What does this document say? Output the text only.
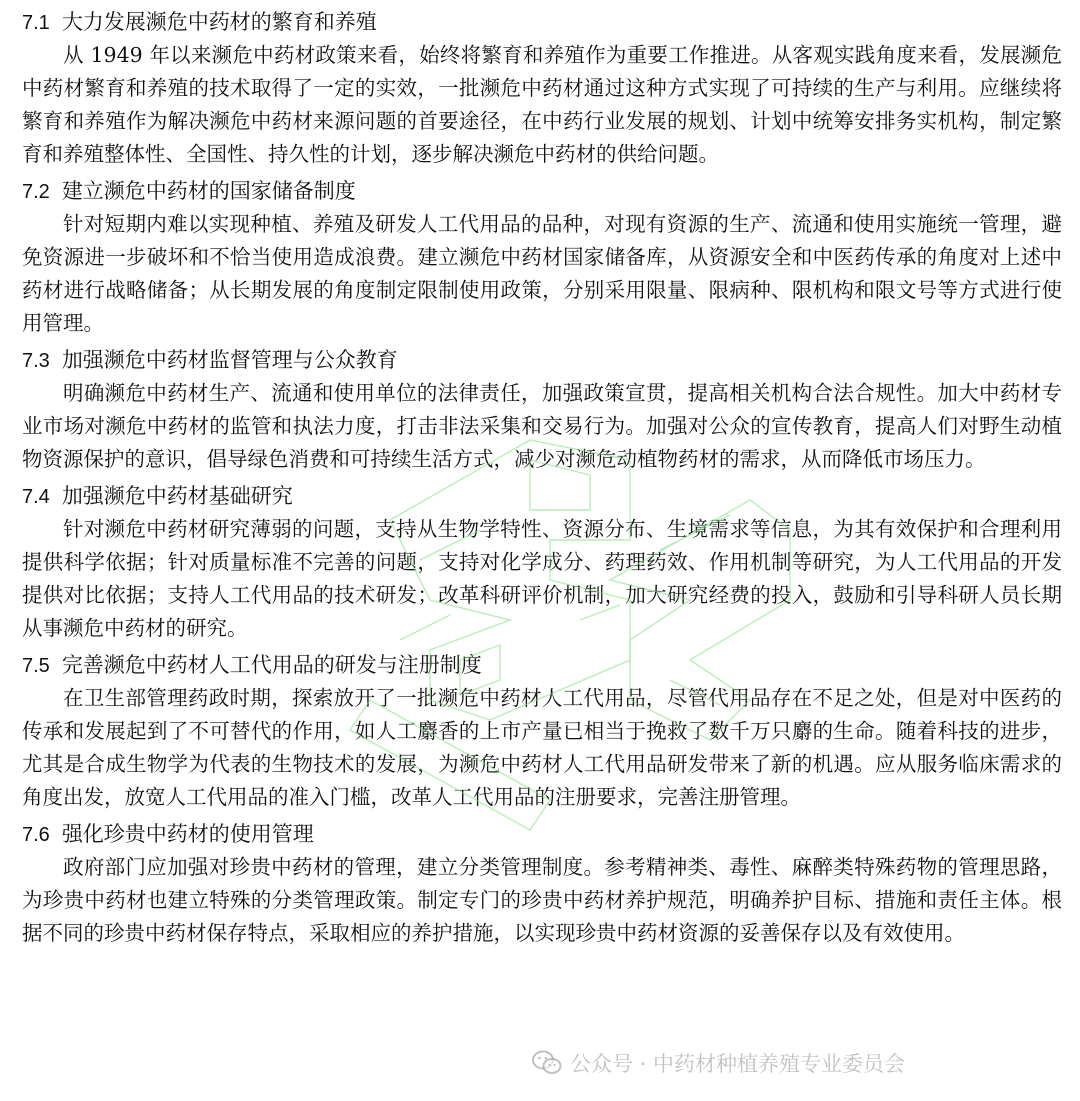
7.1 大力发展濒危中药材的繁育和养殖

从 1949 年以来濒危中药材政策来看，始终将繁育和养殖作为重要工作推进。从客观实践角度来看，发展濒危中药材繁育和养殖的技术取得了一定的实效，一批濒危中药材通过这种方式实现了可持续的生产与利用。应继续将繁育和养殖作为解决濒危中药材来源问题的首要途径，在中药行业发展的规划、计划中统筹安排务实机构，制定繁育和养殖整体性、全国性、持久性的计划，逐步解决濒危中药材的供给问题。

7.2 建立濒危中药材的国家储备制度

针对短期内难以实现种植、养殖及研发人工代用品的品种，对现有资源的生产、流通和使用实施统一管理，避免资源进一步破坏和不恰当使用造成浪费。建立濒危中药材国家储备库，从资源安全和中医药传承的角度对上述中药材进行战略储备；从长期发展的角度制定限制使用政策，分别采用限量、限病种、限机构和限文号等方式进行使用管理。

7.3 加强濒危中药材监督管理与公众教育

明确濒危中药材生产、流通和使用单位的法律责任，加强政策宣贯，提高相关机构合法合规性。加大中药材专业市场对濒危中药材的监管和执法力度，打击非法采集和交易行为。加强对公众的宣传教育，提高人们对野生动植物资源保护的意识，倡导绿色消费和可持续生活方式，减少对濒危动植物药材的需求，从而降低市场压力。

7.4 加强濒危中药材基础研究

针对濒危中药材研究薄弱的问题，支持从生物学特性、资源分布、生境需求等信息，为其有效保护和合理利用提供科学依据；针对质量标准不完善的问题，支持对化学成分、药理药效、作用机制等研究，为人工代用品的开发提供对比依据；支持人工代用品的技术研发；改革科研评价机制，加大研究经费的投入，鼓励和引导科研人员长期从事濒危中药材的研究。

7.5 完善濒危中药材人工代用品的研发与注册制度

在卫生部管理药政时期，探索放开了一批濒危中药材人工代用品，尽管代用品存在不足之处，但是对中医药的传承和发展起到了不可替代的作用，如人工麝香的上市产量已相当于挽救了数千万只麝的生命。随着科技的进步，尤其是合成生物学为代表的生物技术的发展，为濒危中药材人工代用品研发带来了新的机遇。应从服务临床需求的角度出发，放宽人工代用品的准入门槛，改革人工代用品的注册要求，完善注册管理。

7.6 强化珍贵中药材的使用管理

政府部门应加强对珍贵中药材的管理，建立分类管理制度。参考精神类、毒性、麻醉类特殊药物的管理思路，为珍贵中药材也建立特殊的分类管理政策。制定专门的珍贵中药材养护规范，明确养护目标、措施和责任主体。根据不同的珍贵中药材保存特点，采取相应的养护措施，以实现珍贵中药材资源的妥善保存以及有效使用。

公众号 · 中药材种植养殖专业委员会
